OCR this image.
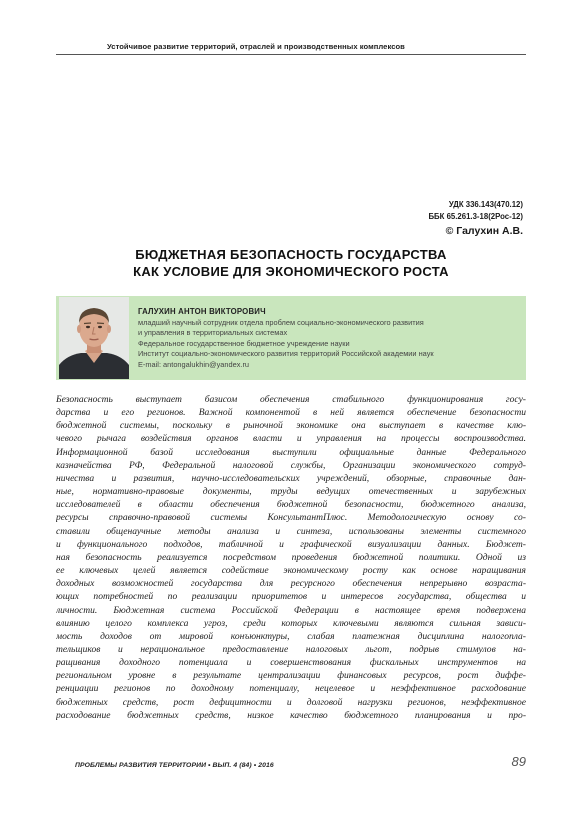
Устойчивое развитие территорий, отраслей и производственных комплексов
УДК 336.143(470.12)
ББК 65.261.3-18(2Рос-12)
© Галухин А.В.
БЮДЖЕТНАЯ БЕЗОПАСНОСТЬ ГОСУДАРСТВА
КАК УСЛОВИЕ ДЛЯ ЭКОНОМИЧЕСКОГО РОСТА
ГАЛУХИН АНТОН ВИКТОРОВИЧ
младший научный сотрудник отдела проблем социально-экономического развития
и управления в территориальных системах
Федеральное государственное бюджетное учреждение науки
Институт социально-экономического развития территорий Российской академии наук
E-mail: antongalukhin@yandex.ru
Безопасность выступает базисом обеспечения стабильного функционирования госу-
дарства и его регионов. Важной компонентой в ней является обеспечение безопасности
бюджетной системы, поскольку в рыночной экономике она выступает в качестве клю-
чевого рычага воздействия органов власти и управления на процессы воспроизводства.
Информационной базой исследования выступили официальные данные Федерального
казначейства РФ, Федеральной налоговой службы, Организации экономического сотруд-
ничества и развития, научно-исследовательских учреждений, обзорные, справочные дан-
ные, нормативно-правовые документы, труды ведущих отечественных и зарубежных
исследователей в области обеспечения бюджетной безопасности, бюджетного анализа,
ресурсы справочно-правовой системы КонсультантПлюс. Методологическую основу со-
ставили общенаучные методы анализа и синтеза, использованы элементы системного
и функционального подходов, табличной и графической визуализации данных. Бюджет-
ная безопасность реализуется посредством проведения бюджетной политики. Одной из
ее ключевых целей является содействие экономическому росту как основе наращивания
доходных возможностей государства для ресурсного обеспечения непрерывно возраста-
ющих потребностей по реализации приоритетов и интересов государства, общества и
личности. Бюджетная система Российской Федерации в настоящее время подвержена
влиянию целого комплекса угроз, среди которых ключевыми являются сильная зависи-
мость доходов от мировой конъюнктуры, слабая платежная дисциплина налогопла-
тельщиков и нерациональное предоставление налоговых льгот, подрыв стимулов на-
ращивания доходного потенциала и совершенствования фискальных инструментов на
региональном уровне в результате централизации финансовых ресурсов, рост диффе-
ренциации регионов по доходному потенциалу, нецелевое и неэффективное расходование
бюджетных средств, рост дефицитности и долговой нагрузки регионов, неэффективное
расходование бюджетных средств, низкое качество бюджетного планирования и про-
ПРОБЛЕМЫ РАЗВИТИЯ ТЕРРИТОРИИ • ВЫП. 4 (84) • 2016	89
